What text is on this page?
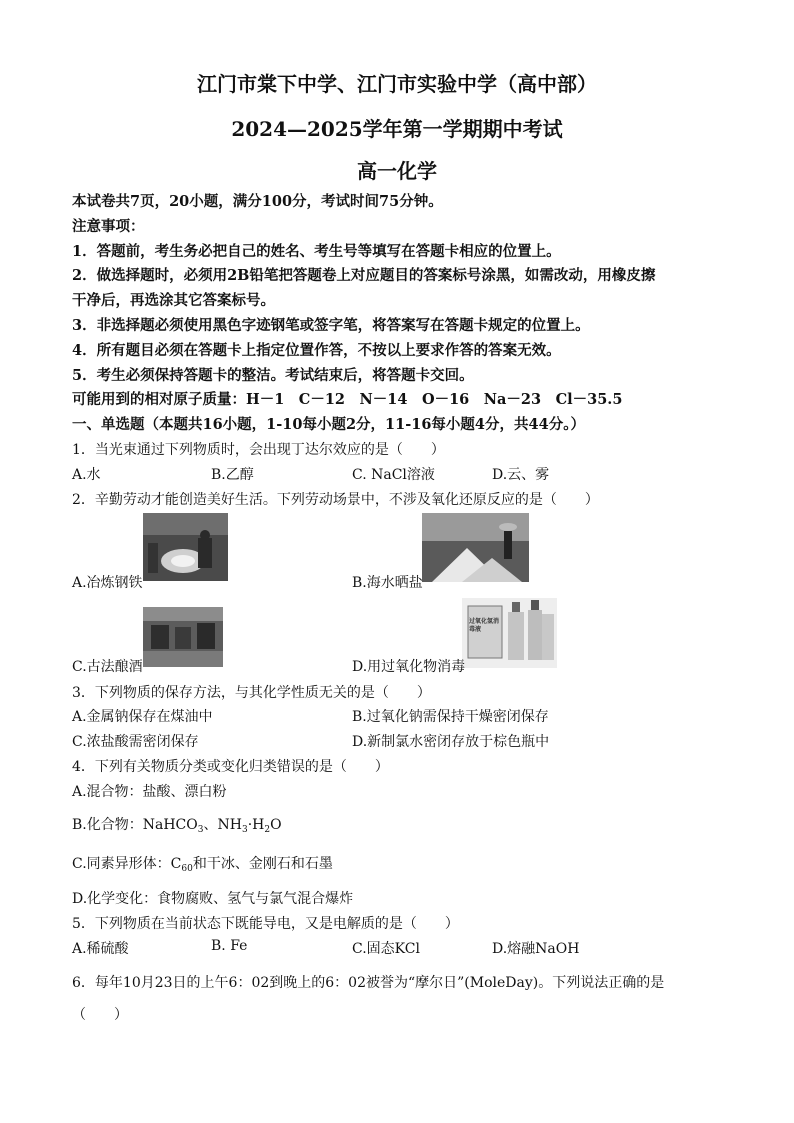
江门市棠下中学、江门市实验中学（高中部）
2024—2025学年第一学期期中考试
高一化学
本试卷共7页，20小题，满分100分，考试时间75分钟。
注意事项：
1．答题前，考生务必把自己的姓名、考生号等填写在答题卡相应的位置上。
2．做选择题时，必须用2B铅笔把答题卷上对应题目的答案标号涂黑，如需改动，用橡皮擦
干净后，再选涂其它答案标号。
3．非选择题必须使用黑色字迹钢笔或签字笔，将答案写在答题卡规定的位置上。
4．所有题目必须在答题卡上指定位置作答，不按以上要求作答的答案无效。
5．考生必须保持答题卡的整洁。考试结束后，将答题卡交回。
可能用到的相对原子质量：H－1　C－12　N－14　O－16　Na－23　Cl－35.5
一、单选题（本题共16小题，1-10每小题2分，11-16每小题4分，共44分。）
1．当光束通过下列物质时，会出现丁达尔效应的是（　　）
A.水	B.乙醇	C. NaCl溶液	D.云、雾
2．辛勤劳动才能创造美好生活。下列劳动场景中，不涉及氧化还原反应的是（　　）
A.冶炼钢铁	B.海水晒盐
C.古法酿酒
过氧化氢消毒液
D.用过氧化物消毒
3．下列物质的保存方法，与其化学性质无关的是（　　）
A.金属钠保存在煤油中	B.过氧化钠需保持干燥密闭保存
C.浓盐酸需密闭保存	D.新制氯水密闭存放于棕色瓶中
4．下列有关物质分类或变化归类错误的是（　　）
A.混合物：盐酸、漂白粉
B.化合物：NaHCO$_3$、$NH_3\cdot H_2O$
C.同素异形体：$C_{60}$和干冰、金刚石和石墨
D.化学变化：食物腐败、氢气与氯气混合爆炸
5．下列物质在当前状态下既能导电，又是电解质的是（　　）
A.稀硫酸	B. Fe	C.固态KCl	D.熔融NaOH
6．每年10月23日的上午6：02到晚上的6：02被誉为“摩尔日”(MoleDay)。下列说法正确的是
（　　）
